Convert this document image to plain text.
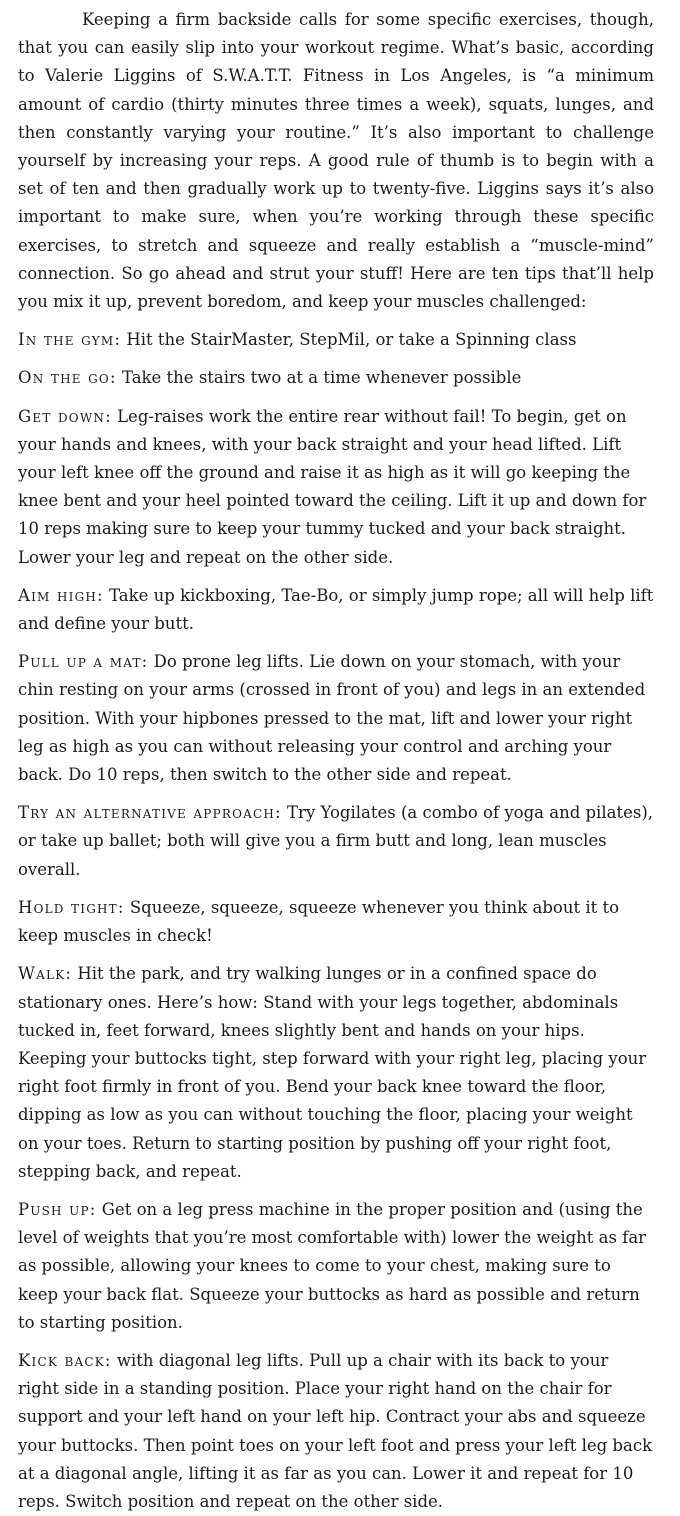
Keeping a firm backside calls for some specific exercises, though, that you can easily slip into your workout regime. What’s basic, according to Valerie Liggins of S.W.A.T.T. Fitness in Los Angeles, is “a minimum amount of cardio (thirty minutes three times a week), squats, lunges, and then constantly varying your routine.” It’s also important to challenge yourself by increasing your reps. A good rule of thumb is to begin with a set of ten and then gradually work up to twenty-five. Liggins says it’s also important to make sure, when you’re working through these specific exercises, to stretch and squeeze and really establish a “muscle-mind” connection. So go ahead and strut your stuff! Here are ten tips that’ll help you mix it up, prevent boredom, and keep your muscles challenged:

In the gym: Hit the StairMaster, StepMil, or take a Spinning class

On the go: Take the stairs two at a time whenever possible

Get down: Leg-raises work the entire rear without fail! To begin, get on your hands and knees, with your back straight and your head lifted. Lift your left knee off the ground and raise it as high as it will go keeping the knee bent and your heel pointed toward the ceiling. Lift it up and down for 10 reps making sure to keep your tummy tucked and your back straight. Lower your leg and repeat on the other side.

Aim high: Take up kickboxing, Tae-Bo, or simply jump rope; all will help lift and define your butt.

Pull up a mat: Do prone leg lifts. Lie down on your stomach, with your chin resting on your arms (crossed in front of you) and legs in an extended position. With your hipbones pressed to the mat, lift and lower your right leg as high as you can without releasing your control and arching your back. Do 10 reps, then switch to the other side and repeat.

Try an alternative approach: Try Yogilates (a combo of yoga and pilates), or take up ballet; both will give you a firm butt and long, lean muscles overall.

Hold tight: Squeeze, squeeze, squeeze whenever you think about it to keep muscles in check!

Walk: Hit the park, and try walking lunges or in a confined space do stationary ones. Here’s how: Stand with your legs together, abdominals tucked in, feet forward, knees slightly bent and hands on your hips. Keeping your buttocks tight, step forward with your right leg, placing your right foot firmly in front of you. Bend your back knee toward the floor, dipping as low as you can without touching the floor, placing your weight on your toes. Return to starting position by pushing off your right foot, stepping back, and repeat.

Push up: Get on a leg press machine in the proper position and (using the level of weights that you’re most comfortable with) lower the weight as far as possible, allowing your knees to come to your chest, making sure to keep your back flat. Squeeze your buttocks as hard as possible and return to starting position.

Kick back: with diagonal leg lifts. Pull up a chair with its back to your right side in a standing position. Place your right hand on the chair for support and your left hand on your left hip. Contract your abs and squeeze your buttocks. Then point toes on your left foot and press your left leg back at a diagonal angle, lifting it as far as you can. Lower it and repeat for 10 reps. Switch position and repeat on the other side.
